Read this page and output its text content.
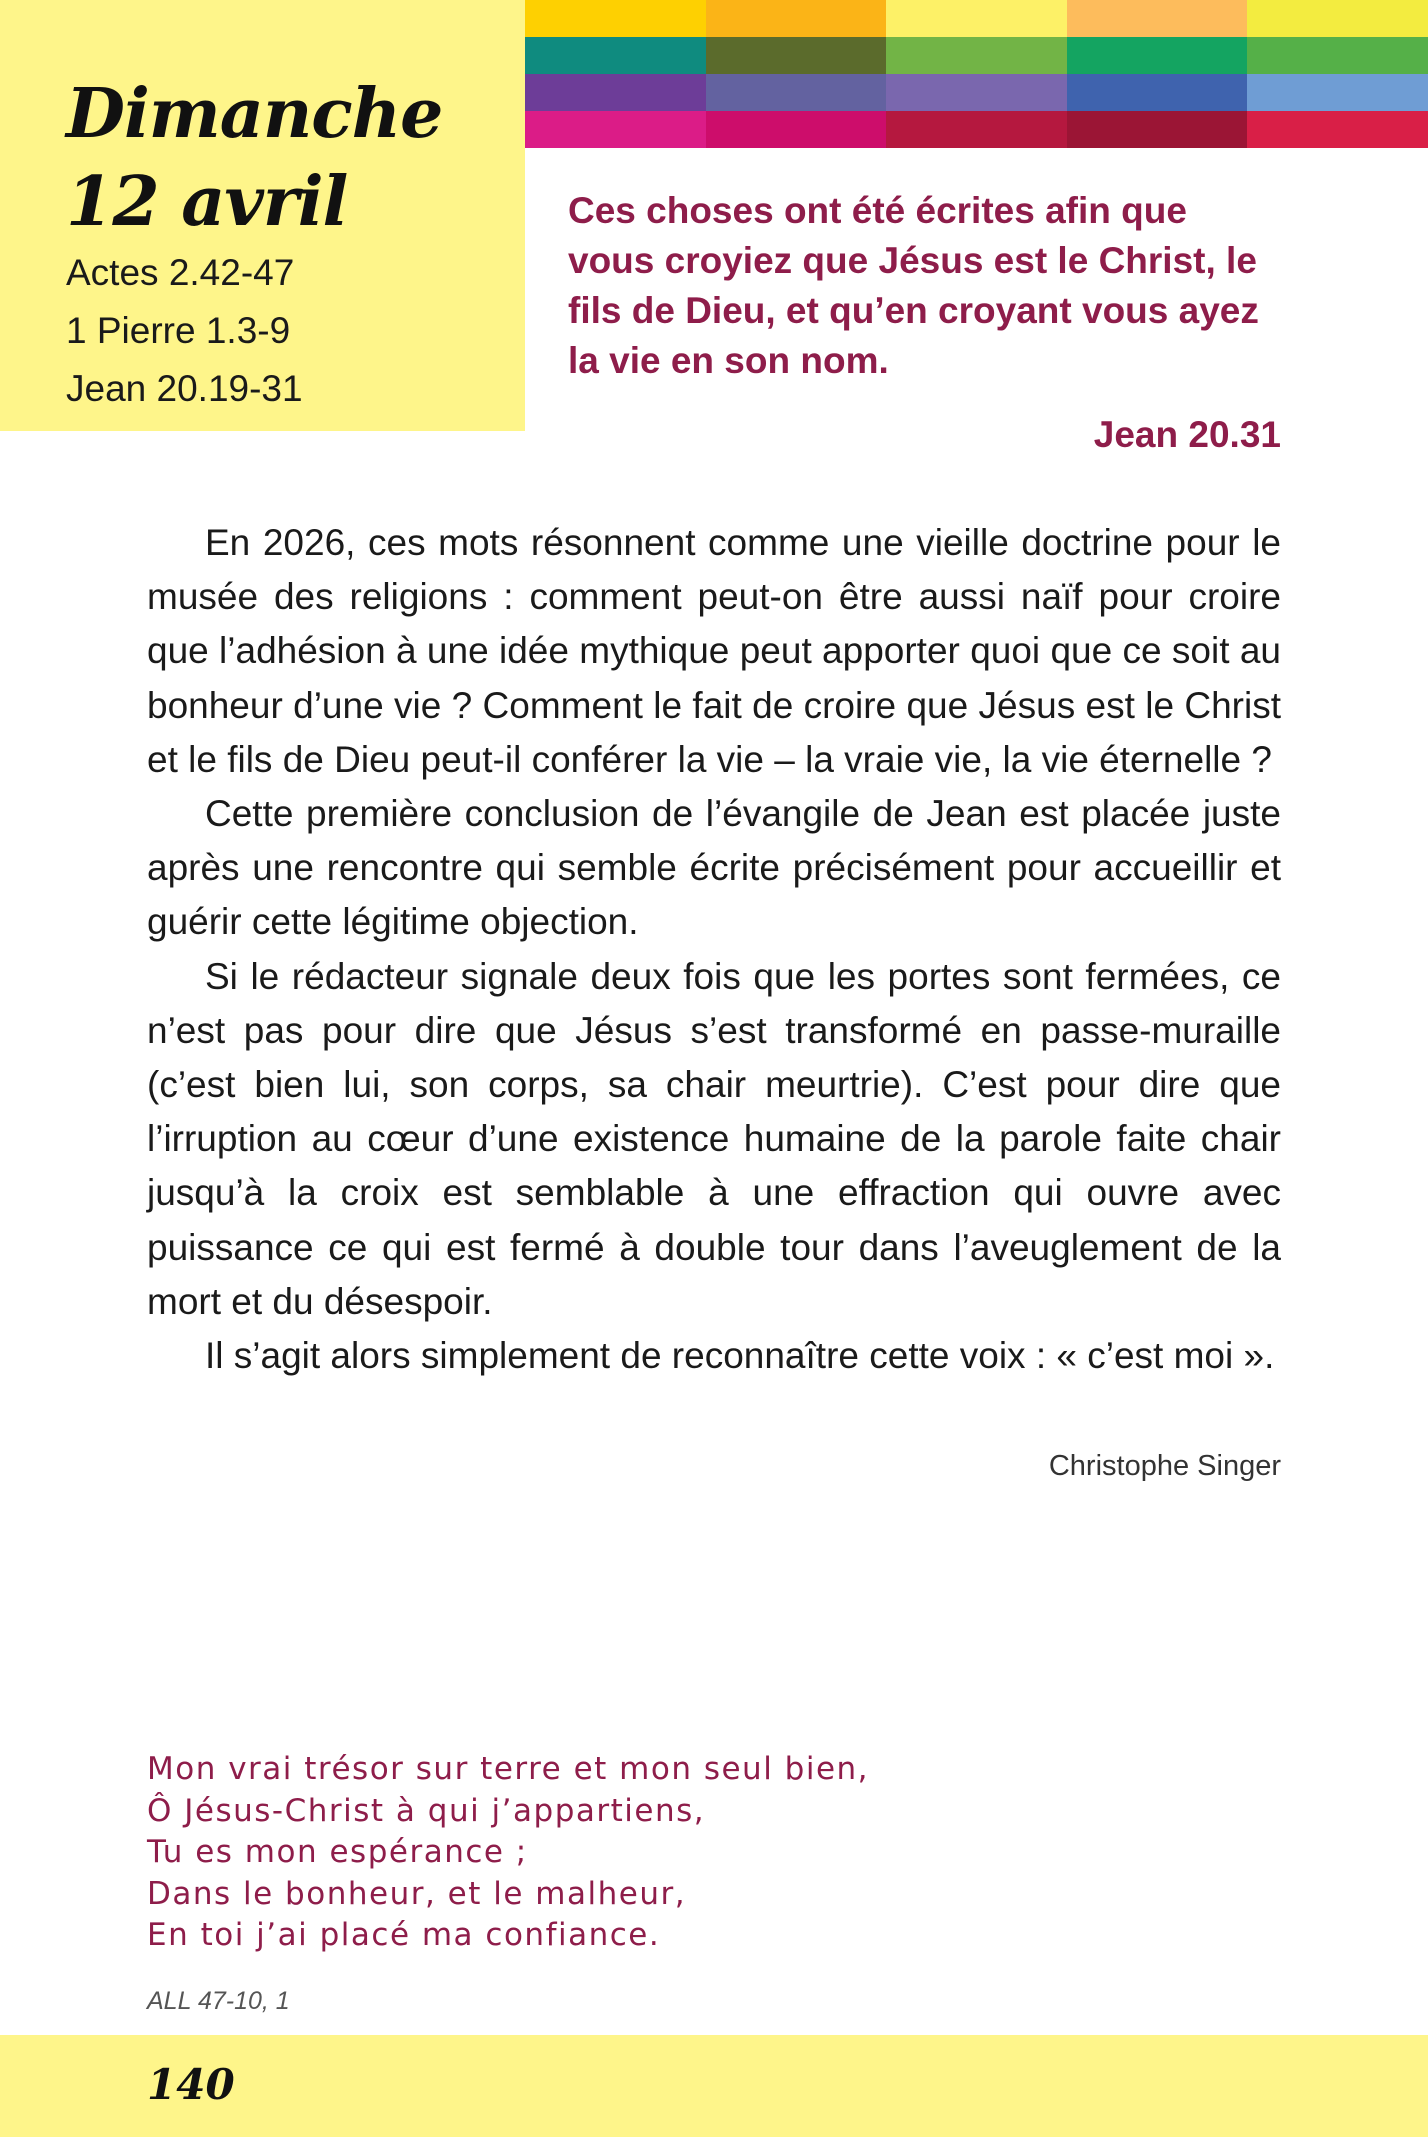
Dimanche
12 avril
Actes 2.42-47
1 Pierre 1.3-9
Jean 20.19-31

Ces choses ont été écrites afin que vous croyiez que Jésus est le Christ, le fils de Dieu, et qu’en croyant vous ayez la vie en son nom.

Jean 20.31

En 2026, ces mots résonnent comme une vieille doctrine pour le musée des religions : comment peut-on être aussi naïf pour croire que l’adhésion à une idée mythique peut apporter quoi que ce soit au bonheur d’une vie ? Comment le fait de croire que Jésus est le Christ et le fils de Dieu peut-il conférer la vie – la vraie vie, la vie éternelle ?

Cette première conclusion de l’évangile de Jean est placée juste après une rencontre qui semble écrite précisément pour accueillir et guérir cette légitime objection.

Si le rédacteur signale deux fois que les portes sont fermées, ce n’est pas pour dire que Jésus s’est transformé en passe-muraille (c’est bien lui, son corps, sa chair meurtrie). C’est pour dire que l’irruption au cœur d’une existence humaine de la parole faite chair jusqu’à la croix est semblable à une effraction qui ouvre avec puissance ce qui est fermé à double tour dans l’aveuglement de la mort et du désespoir.

Il s’agit alors simplement de reconnaître cette voix : « c’est moi ».

Christophe Singer

Mon vrai trésor sur terre et mon seul bien,
Ô Jésus-Christ à qui j’appartiens,
Tu es mon espérance ;
Dans le bonheur, et le malheur,
En toi j’ai placé ma confiance.

ALL 47-10, 1

140
